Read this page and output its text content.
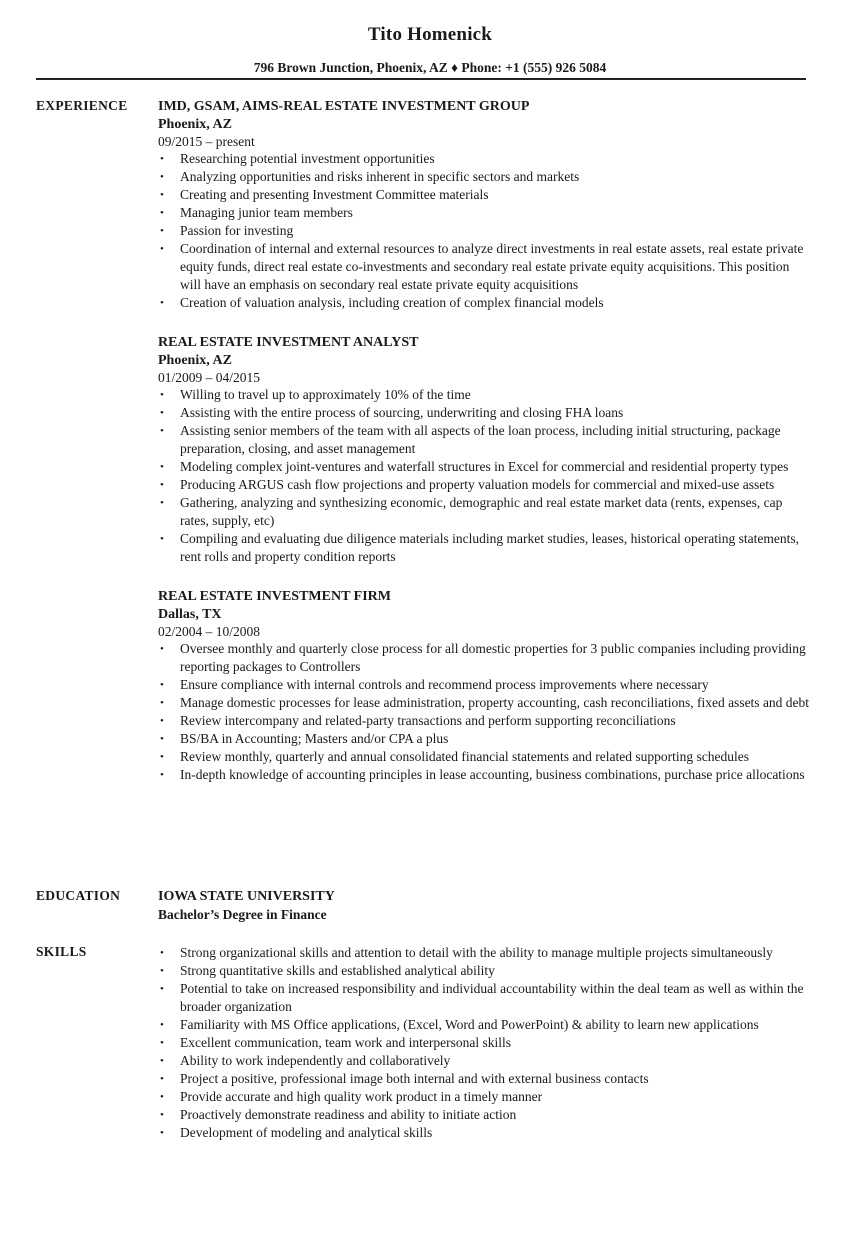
Tito Homenick
796 Brown Junction, Phoenix, AZ ♦ Phone: +1 (555) 926 5084
EXPERIENCE IMD, GSAM, AIMS-REAL ESTATE INVESTMENT GROUP
Phoenix, AZ
09/2015 – present
• Researching potential investment opportunities
• Analyzing opportunities and risks inherent in specific sectors and markets
• Creating and presenting Investment Committee materials
• Managing junior team members
• Passion for investing
• Coordination of internal and external resources to analyze direct investments in real estate assets, real estate private equity funds, direct real estate co-investments and secondary real estate private equity acquisitions. This position will have an emphasis on secondary real estate private equity acquisitions
• Creation of valuation analysis, including creation of complex financial models
REAL ESTATE INVESTMENT ANALYST
Phoenix, AZ
01/2009 – 04/2015
• Willing to travel up to approximately 10% of the time
• Assisting with the entire process of sourcing, underwriting and closing FHA loans
• Assisting senior members of the team with all aspects of the loan process, including initial structuring, package preparation, closing, and asset management
• Modeling complex joint-ventures and waterfall structures in Excel for commercial and residential property types
• Producing ARGUS cash flow projections and property valuation models for commercial and mixed-use assets
• Gathering, analyzing and synthesizing economic, demographic and real estate market data (rents, expenses, cap rates, supply, etc)
• Compiling and evaluating due diligence materials including market studies, leases, historical operating statements, rent rolls and property condition reports
REAL ESTATE INVESTMENT FIRM
Dallas, TX
02/2004 – 10/2008
• Oversee monthly and quarterly close process for all domestic properties for 3 public companies including providing reporting packages to Controllers
• Ensure compliance with internal controls and recommend process improvements where necessary
• Manage domestic processes for lease administration, property accounting, cash reconciliations, fixed assets and debt
• Review intercompany and related-party transactions and perform supporting reconciliations
• BS/BA in Accounting; Masters and/or CPA a plus
• Review monthly, quarterly and annual consolidated financial statements and related supporting schedules
• In-depth knowledge of accounting principles in lease accounting, business combinations, purchase price allocations
EDUCATION	IOWA STATE UNIVERSITY
Bachelor’s Degree in Finance
SKILLS	• Strong organizational skills and attention to detail with the ability to manage multiple projects simultaneously
• Strong quantitative skills and established analytical ability
• Potential to take on increased responsibility and individual accountability within the deal team as well as within the broader organization
• Familiarity with MS Office applications, (Excel, Word and PowerPoint) & ability to learn new applications
• Excellent communication, team work and interpersonal skills
• Ability to work independently and collaboratively
• Project a positive, professional image both internal and with external business contacts
• Provide accurate and high quality work product in a timely manner
• Proactively demonstrate readiness and ability to initiate action
• Development of modeling and analytical skills
